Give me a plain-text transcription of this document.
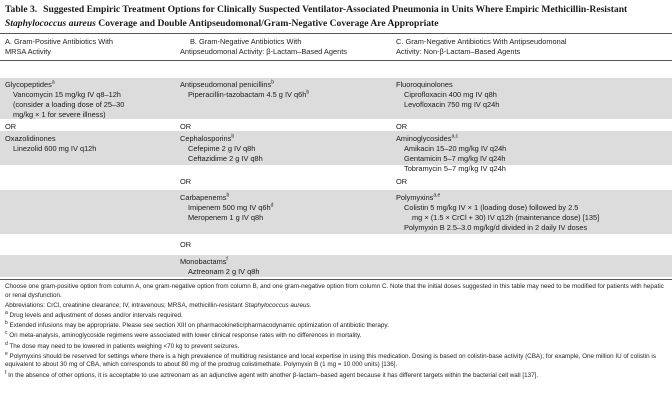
Table 3. Suggested Empiric Treatment Options for Clinically Suspected Ventilator-Associated Pneumonia in Units Where Empiric Methicillin-Resistant
Staphylococcus aureus Coverage and Double Antipseudomonal/Gram-Negative Coverage Are Appropriate
A. Gram-Positive Antibiotics With
MRSA Activity
B. Gram-Negative Antibiotics With
Antipseudomonal Activity: β-Lactam–Based Agents
C. Gram-Negative Antibiotics With Antipseudomonal
Activity: Non-β-Lactam–Based Agents
Glycopeptides$^a$
Vancomycin 15 mg/kg IV q8–12h
(consider a loading dose of 25–30
mg/kg × 1 for severe illness)
OR
Oxazolidinones
Linezolid 600 mg IV q12h
Antipseudomonal penicillins$^b$
Piperacillin-tazobactam 4.5 g IV $q6h^b$
OR
Cephalosporins$^b$
Cefepime 2 g IV q8h
Ceftazidime 2 g IV q8h
OR
Carbapenems$^b$
Imipenem 500 mg IV $q6h^d$
Meropenem 1 g IV q8h
OR
Monobactams$^f$
Aztreonam 2 g IV q8h
Fluoroquinolones
Ciprofloxacin 400 mg IV q8h
Levofloxacin 750 mg IV q24h
OR
Aminoglycosides$^{a,c}$
Amikacin 15–20 mg/kg IV q24h
Gentamicin 5–7 mg/kg IV q24h
Tobramycin 5–7 mg/kg IV q24h
OR
Polymyxins$^{a,e}$
Colistin 5 mg/kg IV × 1 (loading dose) followed by 2.5
mg × (1.5 × CrCl + 30) IV q12h (maintenance dose) [135]
Polymyxin B 2.5–3.0 mg/kg/d divided in 2 daily IV doses
Choose one gram-positive option from column A, one gram-negative option from column B, and one gram-negative option from column C. Note that the initial doses suggested in this table may need to be modified for patients with hepatic or renal dysfunction.
Abbreviations: CrCl, creatinine clearance; IV, intravenous; MRSA, methicillin-resistant Staphylococcus aureus.
$^a$ Drug levels and adjustment of doses and/or intervals required.
$^b$ Extended infusions may be appropriate. Please see section XIII on pharmacokinetic/pharmacodynamic optimization of antibiotic therapy.
$^c$ On meta-analysis, aminoglycoside regimens were associated with lower clinical response rates with no differences in mortality.
$^d$ The dose may need to be lowered in patients weighing <70 kg to prevent seizures.
$^e$ Polymyxins should be reserved for settings where there is a high prevalence of multidrug resistance and local expertise in using this medication. Dosing is based on colistin-base activity (CBA); for example, One million IU of colistin is equivalent to about 30 mg of CBA, which corresponds to about 80 mg of the prodrug colistimethate. Polymyxin B (1 mg = 10 000 units) [136].
$^f$ In the absence of other options, it is acceptable to use aztreonam as an adjunctive agent with another β-lactam–based agent because it has different targets within the bacterial cell wall [137].
